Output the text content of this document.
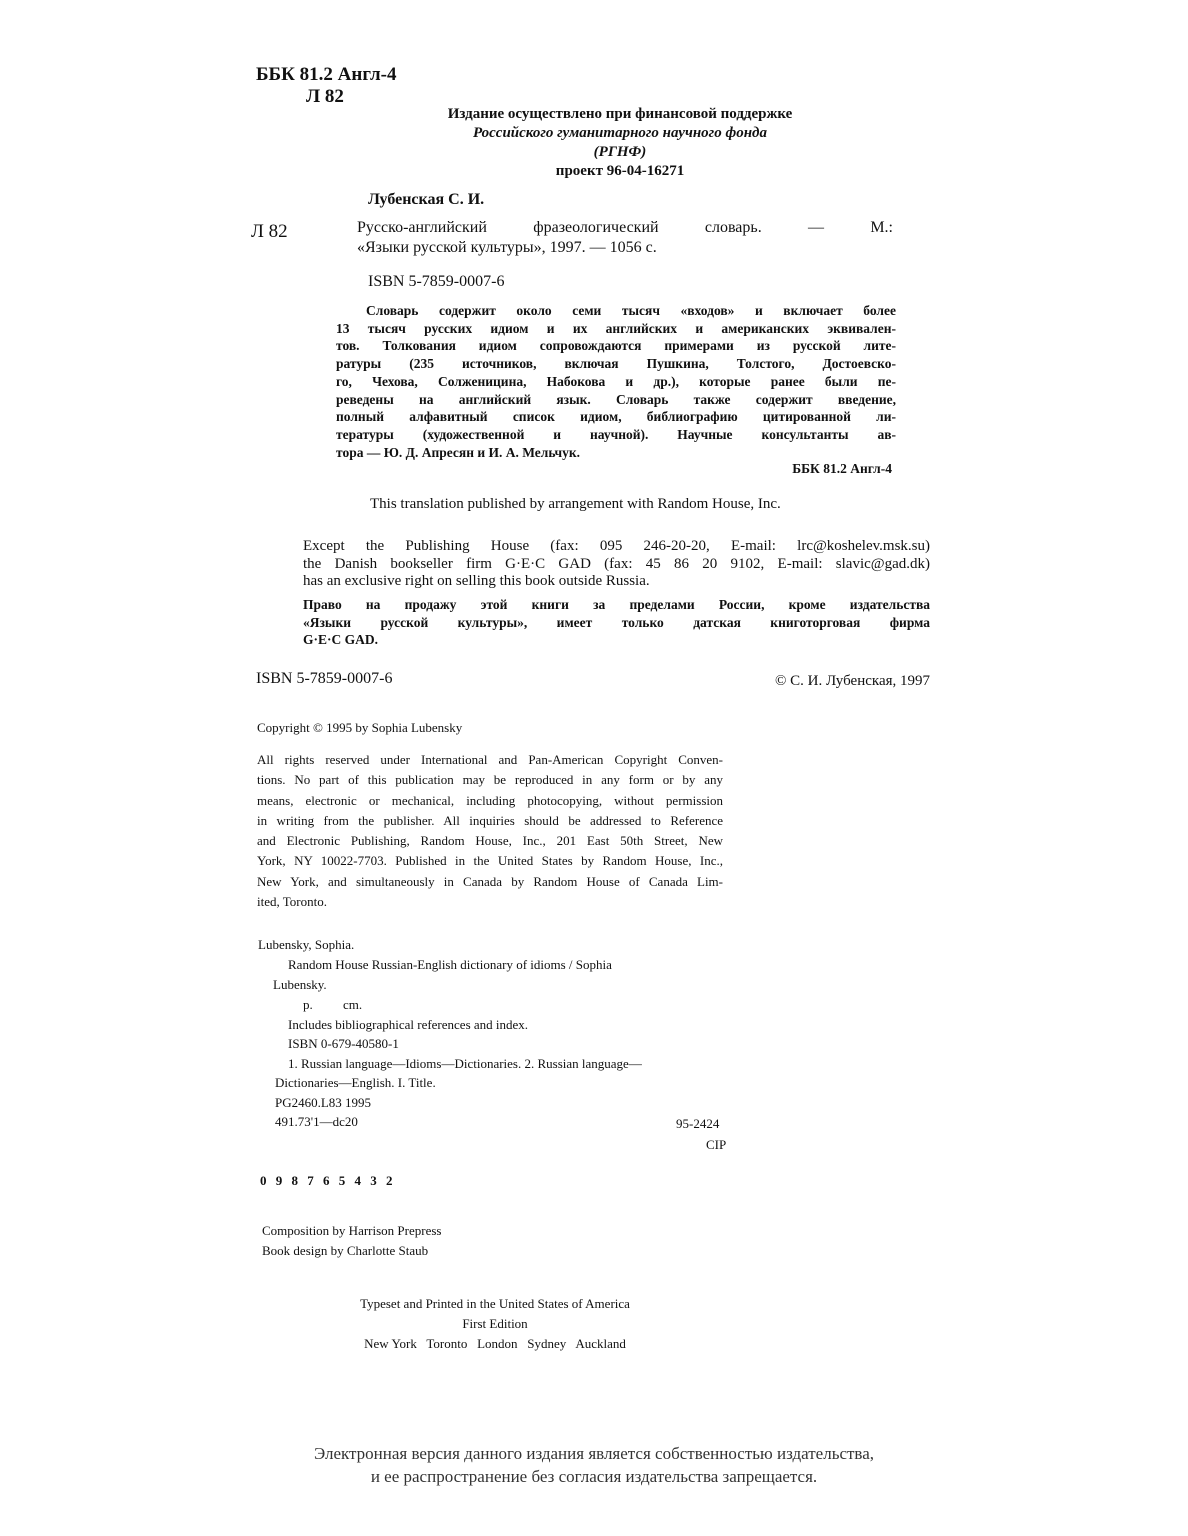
ББК 81.2 Англ-4
Л 82
Издание осуществлено при финансовой поддержке
Российского гуманитарного научного фонда
(РГНФ)
проект 96-04-16271
Лубенская С. И.
Л 82	Русско-английский фразеологический словарь. — М.:
«Языки русской культуры», 1997. — 1056 с.
ISBN 5-7859-0007-6
Словарь содержит около семи тысяч «входов» и включает более
13 тысяч русских идиом и их английских и американских эквивален-
тов. Толкования идиом сопровождаются примерами из русской лите-
ратуры (235 источников, включая Пушкина, Толстого, Достоевско-
го, Чехова, Солженицина, Набокова и др.), которые ранее были пе-
реведены на английский язык. Словарь также содержит введение,
полный алфавитный список идиом, библиографию цитированной ли-
тературы (художественной и научной). Научные консультанты ав-
тора — Ю. Д. Апресян и И. А. Мельчук.
ББК 81.2 Англ-4
This translation published by arrangement with Random House, Inc.
Except the Publishing House (fax: 095 246-20-20, E-mail: lrc@koshelev.msk.su)
the Danish bookseller firm G·E·C GAD (fax: 45 86 20 9102, E-mail: slavic@gad.dk)
has an exclusive right on selling this book outside Russia.
Право на продажу этой книги за пределами России, кроме издательства
«Языки русской культуры», имеет только датская книготорговая фирма
G·E·C GAD.
ISBN 5-7859-0007-6	© С. И. Лубенская, 1997
Copyright © 1995 by Sophia Lubensky
All rights reserved under International and Pan-American Copyright Conven-
tions. No part of this publication may be reproduced in any form or by any
means, electronic or mechanical, including photocopying, without permission
in writing from the publisher. All inquiries should be addressed to Reference
and Electronic Publishing, Random House, Inc., 201 East 50th Street, New
York, NY 10022-7703. Published in the United States by Random House, Inc.,
New York, and simultaneously in Canada by Random House of Canada Lim-
ited, Toronto.
Lubensky, Sophia.
Random House Russian-English dictionary of idioms / Sophia
Lubensky.
p. cm.
Includes bibliographical references and index.
ISBN 0-679-40580-1
1. Russian language—Idioms—Dictionaries. 2. Russian language—
Dictionaries—English. I. Title.
PG2460.L83 1995
491.73'1—dc20	95-2424
CIP
0 9 8 7 6 5 4 3 2
Composition by Harrison Prepress
Book design by Charlotte Staub
Typeset and Printed in the United States of America
First Edition
New York   Toronto   London   Sydney   Auckland
Электронная версия данного издания является собственностью издательства,
и ее распространение без согласия издательства запрещается.
